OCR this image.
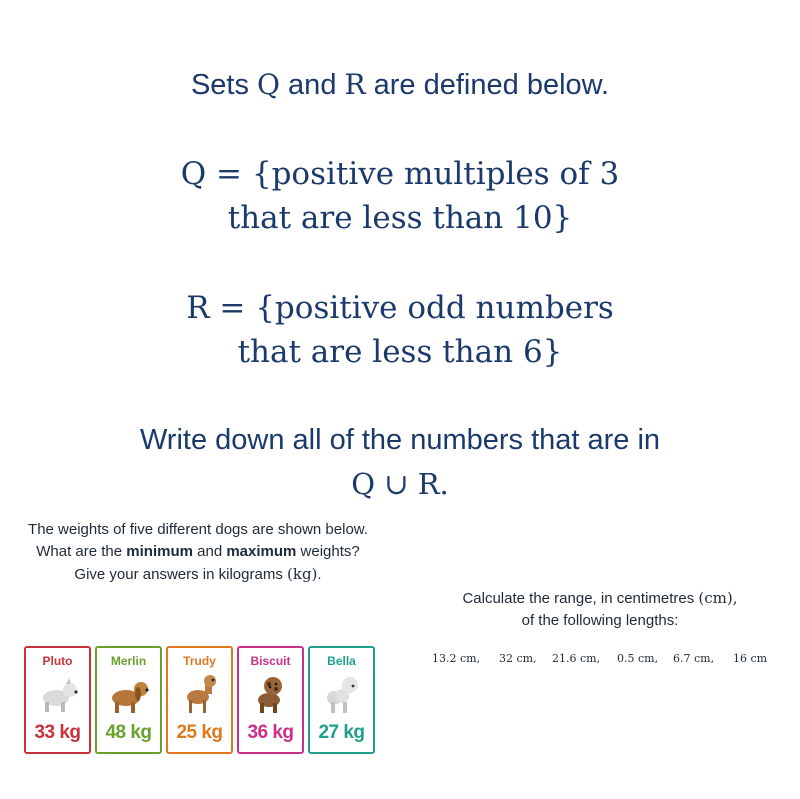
Sets Q and R are defined below.
Q = {positive multiples of 3
that are less than 10}
R = {positive odd numbers
that are less than 6}
Write down all of the numbers that are in
Q ∪ R.
The weights of five different dogs are shown below. What are the minimum and maximum weights? Give your answers in kilograms (kg).
Pluto
33 kg
Merlin
48 kg
Trudy
25 kg
Biscuit
36 kg
Bella
27 kg
Calculate the range, in centimetres (cm),
of the following lengths:
13.2 cm, 32 cm, 21.6 cm, 0.5 cm, 6.7 cm, 16 cm
